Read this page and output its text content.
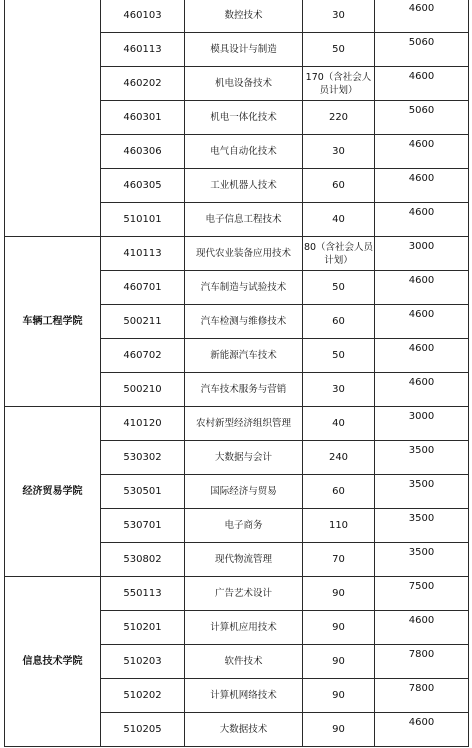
	460103	数控技术	30	4600
	460113	模具设计与制造	50	5060
	460202	机电设备技术	170（含社会人员计划）	4600
	460301	机电一体化技术	220	5060
	460306	电气自动化技术	30	4600
	460305	工业机器人技术	60	4600
	510101	电子信息工程技术	40	4600
车辆工程学院	410113	现代农业装备应用技术	80（含社会人员计划）	3000
	460701	汽车制造与试验技术	50	4600
	500211	汽车检测与维修技术	60	4600
	460702	新能源汽车技术	50	4600
	500210	汽车技术服务与营销	30	4600
经济贸易学院	410120	农村新型经济组织管理	40	3000
	530302	大数据与会计	240	3500
	530501	国际经济与贸易	60	3500
	530701	电子商务	110	3500
	530802	现代物流管理	70	3500
信息技术学院	550113	广告艺术设计	90	7500
	510201	计算机应用技术	90	4600
	510203	软件技术	90	7800
	510202	计算机网络技术	90	7800
	510205	大数据技术	90	4600
